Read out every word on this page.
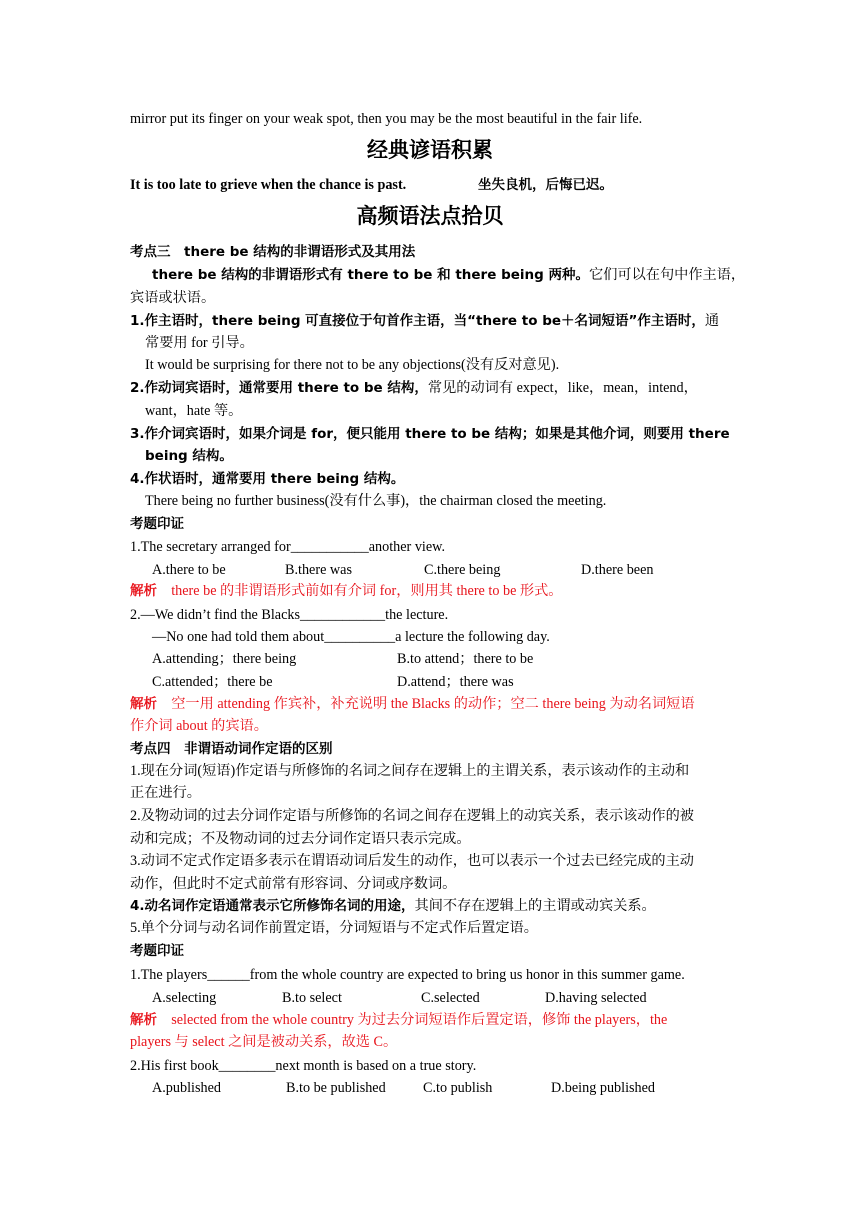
mirror put its finger on your weak spot, then you may be the most beautiful in the fair life.
经典谚语积累
It is too late to grieve when the chance is past.	坐失良机，后悔已迟。
高频语法点拾贝
考点三　there be 结构的非谓语形式及其用法
there be 结构的非谓语形式有 there to be 和 there being 两种。它们可以在句中作主语，
宾语或状语。
1.作主语时，there being 可直接位于句首作主语，当“there to be＋名词短语”作主语时，通
常要用 for 引导。
It would be surprising for there not to be any objections(没有反对意见).
2.作动词宾语时，通常要用 there to be 结构，常见的动词有 expect，like，mean，intend，
want，hate 等。
3.作介词宾语时，如果介词是 for，便只能用 there to be 结构；如果是其他介词，则要用 there
being 结构。
4.作状语时，通常要用 there being 结构。
There being no further business(没有什么事)，the chairman closed the meeting.
考题印证
1.The secretary arranged for___________another view.
A.there to be	B.there was	C.there being	D.there been
解析　 there be 的非谓语形式前如有介词 for，则用其 there to be 形式。
2.—We didn’t find the Blacks____________the lecture.
—No one had told them about__________a lecture the following day.
A.attending；there being	B.to attend；there to be
C.attended；there be	D.attend；there was
解析　 空一用 attending 作宾补，补充说明 the Blacks 的动作；空二 there being 为动名词短语
作介词 about 的宾语。
考点四　非谓语动词作定语的区别
1.现在分词(短语)作定语与所修饰的名词之间存在逻辑上的主谓关系，表示该动作的主动和
正在进行。
2.及物动词的过去分词作定语与所修饰的名词之间存在逻辑上的动宾关系，表示该动作的被
动和完成；不及物动词的过去分词作定语只表示完成。
3.动词不定式作定语多表示在谓语动词后发生的动作，也可以表示一个过去已经完成的主动
动作，但此时不定式前常有形容词、分词或序数词。
4.动名词作定语通常表示它所修饰名词的用途，其间不存在逻辑上的主谓或动宾关系。
5.单个分词与动名词作前置定语，分词短语与不定式作后置定语。
考题印证
1.The players______from the whole country are expected to bring us honor in this summer game.
A.selecting	B.to select	C.selected	D.having selected
解析　 selected from the whole country 为过去分词短语作后置定语，修饰 the players，the
players 与 select 之间是被动关系，故选 C。
2.His first book________next month is based on a true story.
A.published	B.to be published	C.to publish	D.being published
